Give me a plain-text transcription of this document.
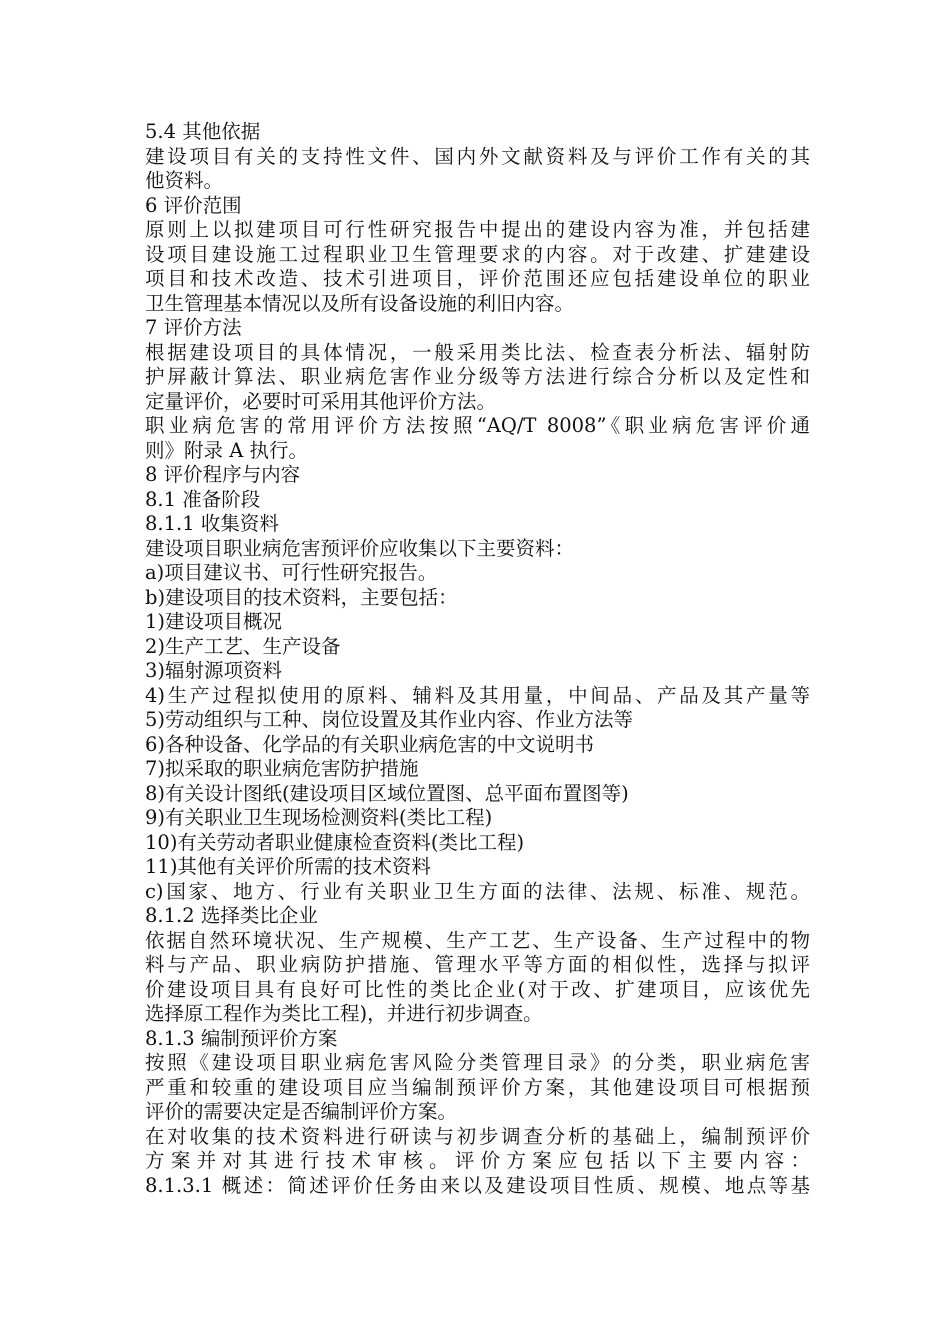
5.4 其他依据
建设项目有关的支持性文件、国内外文献资料及与评价工作有关的其
他资料。
6 评价范围
原则上以拟建项目可行性研究报告中提出的建设内容为准，并包括建
设项目建设施工过程职业卫生管理要求的内容。对于改建、扩建建设
项目和技术改造、技术引进项目，评价范围还应包括建设单位的职业
卫生管理基本情况以及所有设备设施的利旧内容。
7 评价方法
根据建设项目的具体情况，一般采用类比法、检查表分析法、辐射防
护屏蔽计算法、职业病危害作业分级等方法进行综合分析以及定性和
定量评价，必要时可采用其他评价方法。
职业病危害的常用评价方法按照“AQ/T 8008”《职业病危害评价通
则》附录 A 执行。
8 评价程序与内容
8.1 准备阶段
8.1.1 收集资料
建设项目职业病危害预评价应收集以下主要资料：
a)项目建议书、可行性研究报告。
b)建设项目的技术资料，主要包括：
1)建设项目概况
2)生产工艺、生产设备
3)辐射源项资料
4)生产过程拟使用的原料、辅料及其用量，中间品、产品及其产量等
5)劳动组织与工种、岗位设置及其作业内容、作业方法等
6)各种设备、化学品的有关职业病危害的中文说明书
7)拟采取的职业病危害防护措施
8)有关设计图纸(建设项目区域位置图、总平面布置图等)
9)有关职业卫生现场检测资料(类比工程)
10)有关劳动者职业健康检查资料(类比工程)
11)其他有关评价所需的技术资料
c)国家、地方、行业有关职业卫生方面的法律、法规、标准、规范。
8.1.2 选择类比企业
依据自然环境状况、生产规模、生产工艺、生产设备、生产过程中的物
料与产品、职业病防护措施、管理水平等方面的相似性，选择与拟评
价建设项目具有良好可比性的类比企业(对于改、扩建项目，应该优先
选择原工程作为类比工程)，并进行初步调查。
8.1.3 编制预评价方案
按照《建设项目职业病危害风险分类管理目录》的分类，职业病危害
严重和较重的建设项目应当编制预评价方案，其他建设项目可根据预
评价的需要决定是否编制评价方案。
在对收集的技术资料进行研读与初步调查分析的基础上，编制预评价
方案并对其进行技术审核。评价方案应包括以下主要内容：
8.1.3.1 概述：简述评价任务由来以及建设项目性质、规模、地点等基
